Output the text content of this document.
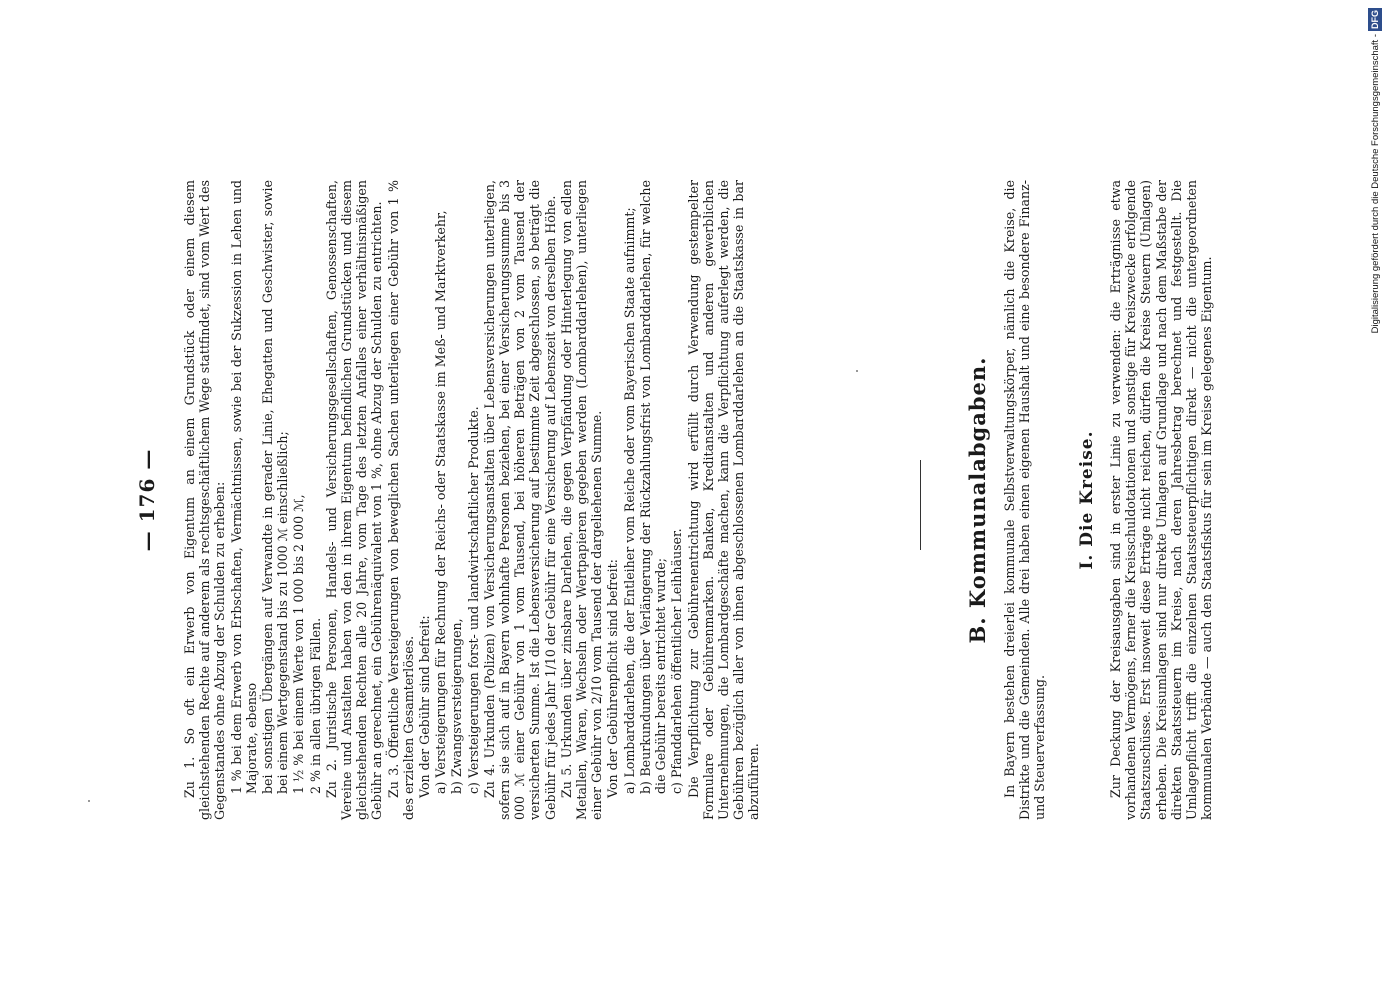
— 176 —	Zu 1. So oft ein Erwerb von Eigentum an einem Grundstück oder einem diesem gleichstehenden Rechte auf anderem als rechtsgeschäftlichem Wege stattfindet, sind vom Wert des Gegenstandes ohne Abzug der Schulden zu erheben: 1 % bei dem Erwerb von Erbschaften, Vermächtnissen, sowie bei der Sukzession in Lehen und Majorate, ebenso bei sonstigen Übergängen auf Verwandte in gerader Linie, Ehegatten und Geschwister, sowie bei einem Wertgegenstand bis zu 1000 ℳ einschließlich; 1 ½ % bei einem Werte von 1 000 bis 2 000 ℳ, 2 % in allen übrigen Fällen. Zu 2. Juristische Personen, Handels- und Versicherungsgesellschaften, Genossenschaften, Vereine und Anstalten haben von den in ihrem Eigentum befindlichen Grundstücken und diesem gleichstehenden Rechten alle 20 Jahre, vom Tage des letzten Anfalles einer verhältnismäßigen Gebühr an gerechnet, ein Gebührenäquivalent von 1 %, ohne Abzug der Schulden zu entrichten. Zu 3. Öffentliche Versteigerungen von beweglichen Sachen unterliegen einer Gebühr von 1 % des erzielten Gesamterlöses. Von der Gebühr sind befreit: a) Versteigerungen für Rechnung der Reichs- oder Staatskasse im Meß- und Marktverkehr, b) Zwangsversteigerungen, c) Versteigerungen forst- und landwirtschaftlicher Produkte. Zu 4. Urkunden (Polizen) von Versicherungsanstalten über Lebensversicherungen unterliegen, sofern sie sich auf in Bayern wohnhafte Personen beziehen, bei einer Versicherungssumme bis 3 000 ℳ einer Gebühr von 1 vom Tausend, bei höheren Beträgen von 2 vom Tausend der versicherten Summe. Ist die Lebensversicherung auf bestimmte Zeit abgeschlossen, so beträgt die Gebühr für jedes Jahr 1/10 der Gebühr für eine Versicherung auf Lebenszeit von derselben Höhe. Zu 5. Urkunden über zinsbare Darlehen, die gegen Verpfändung oder Hinterlegung von edlen Metallen, Waren, Wechseln oder Wertpapieren gegeben werden (Lombarddarlehen), unterliegen einer Gebühr von 2/10 vom Tausend der dargeliehenen Summe. Von der Gebührenpflicht sind befreit: a) Lombarddarlehen, die der Entleiher vom Reiche oder vom Bayerischen Staate aufnimmt; b) Beurkundungen über Verlängerung der Rückzahlungsfrist von Lombarddarlehen, für welche die Gebühr bereits entrichtet wurde; c) Pfanddarlehen öffentlicher Leihhäuser. Die Verpflichtung zur Gebührenentrichtung wird erfüllt durch Verwendung gestempelter Formulare oder Gebührenmarken. Banken, Kreditanstalten und anderen gewerblichen Unternehmungen, die Lombardgeschäfte machen, kann die Verpflichtung auferlegt werden, die Gebühren bezüglich aller von ihnen abgeschlossenen Lombarddarlehen an die Staatskasse in bar abzuführen.

B. Kommunalabgaben. In Bayern bestehen dreierlei kommunale Selbstverwaltungskörper, nämlich die Kreise, die Distrikte und die Gemeinden. Alle drei haben einen eigenen Haushalt und eine besondere Finanz- und Steuerverfassung.

I. Die Kreise. Zur Deckung der Kreisausgaben sind in erster Linie zu verwenden: die Erträgnisse etwa vorhandenen Vermögens, ferner die Kreisschuldotationen und sonstige für Kreiszwecke erfolgende Staatszuschüsse. Erst insoweit diese Erträge nicht reichen, dürfen die Kreise Steuern (Umlagen) erheben. Die Kreisumlagen sind nur direkte Umlagen auf Grundlage und nach dem Maßstabe der direkten Staatssteuern im Kreise, nach deren Jahresbetrag berechnet und festgestellt. Die Umlagepflicht trifft die einzelnen Staatssteuerpflichtigen direkt — nicht die untergeordneten kommunalen Verbände — auch den Staatsfiskus für sein im Kreise gelegenes Eigentum.

Digitalisierung gefördert durch die Deutsche Forschungsgemeinschaft -DFG
